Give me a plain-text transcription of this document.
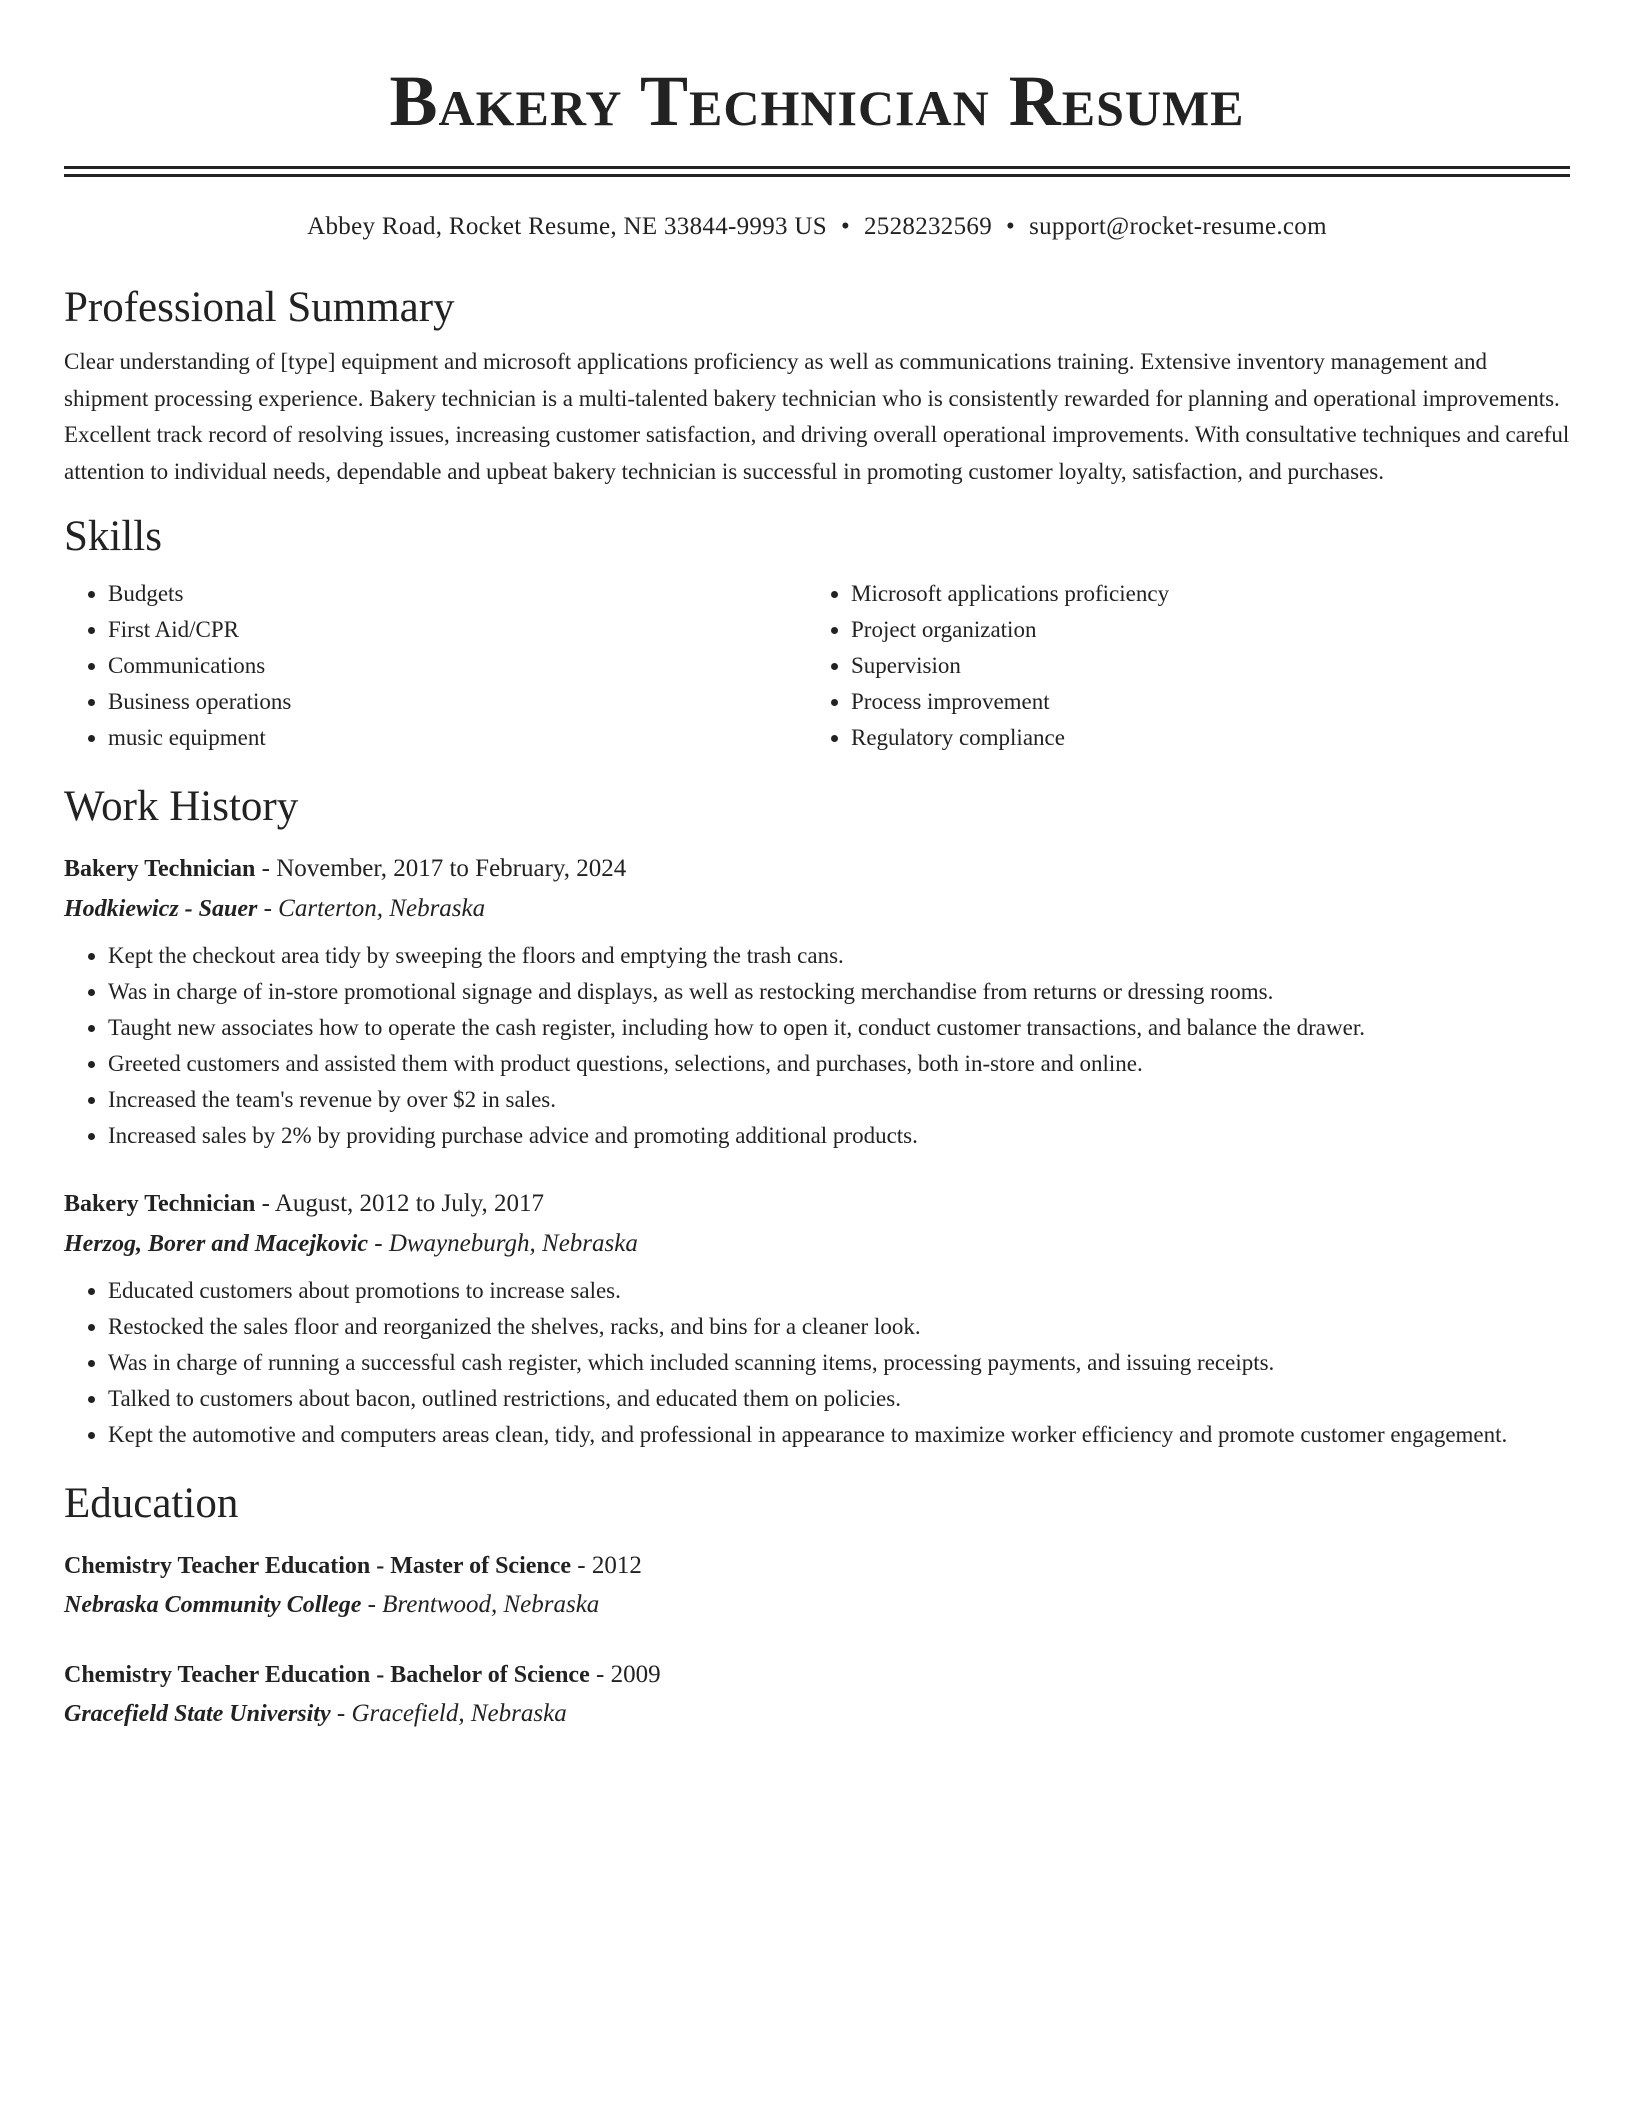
Bakery Technician Resume
Abbey Road, Rocket Resume, NE 33844-9993 US • 2528232569 • support@rocket-resume.com
Professional Summary

Clear understanding of [type] equipment and microsoft applications proficiency as well as communications training. Extensive inventory management and shipment processing experience. Bakery technician is a multi-talented bakery technician who is consistently rewarded for planning and operational improvements. Excellent track record of resolving issues, increasing customer satisfaction, and driving overall operational improvements. With consultative techniques and careful attention to individual needs, dependable and upbeat bakery technician is successful in promoting customer loyalty, satisfaction, and purchases.

Skills
• Budgets
• First Aid/CPR
• Communications
• Business operations
• music equipment
• Microsoft applications proficiency
• Project organization
• Supervision
• Process improvement
• Regulatory compliance
Work History
Bakery Technician - November, 2017 to February, 2024
Hodkiewicz - Sauer - Carterton, Nebraska
• Kept the checkout area tidy by sweeping the floors and emptying the trash cans.
• Was in charge of in-store promotional signage and displays, as well as restocking merchandise from returns or dressing rooms.
• Taught new associates how to operate the cash register, including how to open it, conduct customer transactions, and balance the drawer.
• Greeted customers and assisted them with product questions, selections, and purchases, both in-store and online.
• Increased the team's revenue by over $2 in sales.
• Increased sales by 2% by providing purchase advice and promoting additional products.
Bakery Technician - August, 2012 to July, 2017
Herzog, Borer and Macejkovic - Dwayneburgh, Nebraska
• Educated customers about promotions to increase sales.
• Restocked the sales floor and reorganized the shelves, racks, and bins for a cleaner look.
• Was in charge of running a successful cash register, which included scanning items, processing payments, and issuing receipts.
• Talked to customers about bacon, outlined restrictions, and educated them on policies.
• Kept the automotive and computers areas clean, tidy, and professional in appearance to maximize worker efficiency and promote customer engagement.
Education
Chemistry Teacher Education - Master of Science - 2012
Nebraska Community College - Brentwood, Nebraska
Chemistry Teacher Education - Bachelor of Science - 2009
Gracefield State University - Gracefield, Nebraska
